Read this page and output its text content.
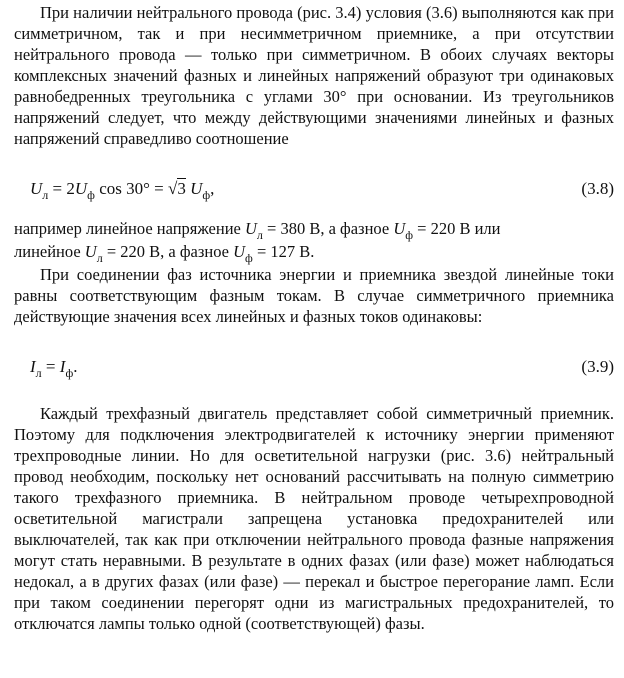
При наличии нейтрального провода (рис. 3.4) условия (3.6) выполняются как при симметричном, так и при несимметричном приемнике, а при отсутствии нейтрального провода — только при симметричном. В обоих случаях векторы комплексных значений фазных и линейных напряжений образуют три одинаковых равнобедренных треугольника с углами 30° при основании. Из треугольников напряжений следует, что между действующими значениями линейных и фазных напряжений справедливо соотношение

$U_л = 2U_ф$ cos 30° = √3 $U_ф$,	(3.8)

например линейное напряжение $U_л = 380$ В, а фазное $U_ф = 220$ В или
линейное $U_л = 220$ В, а фазное $U_ф = 127$ В.

При соединении фаз источника энергии и приемника звездой линейные токи равны соответствующим фазным токам. В случае симметричного приемника действующие значения всех линейных и фазных токов одинаковы:

$I_л = I_ф$.	(3.9)

Каждый трехфазный двигатель представляет собой симметричный приемник. Поэтому для подключения электродвигателей к источнику энергии применяют трехпроводные линии. Но для осветительной нагрузки (рис. 3.6) нейтральный провод необходим, поскольку нет оснований рассчитывать на полную симметрию такого трехфазного приемника. В нейтральном проводе четырехпроводной осветительной магистрали запрещена установка предохранителей или выключателей, так как при отключении нейтрального провода фазные напряжения могут стать неравными. В результате в одних фазах (или фазе) может наблюдаться недокал, а в других фазах (или фазе) — перекал и быстрое перегорание ламп. Если при таком соединении перегорят одни из магистральных предохранителей, то отключатся лампы только одной (соответствующей) фазы.
